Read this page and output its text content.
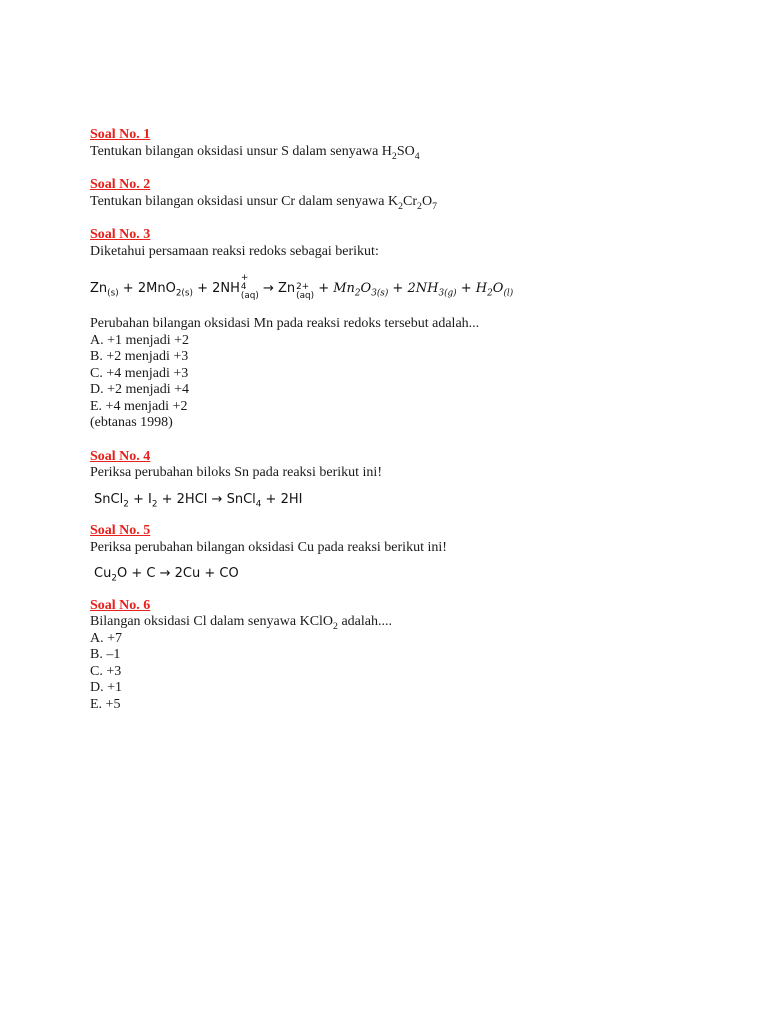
Soal No. 1
Tentukan bilangan oksidasi unsur S dalam senyawa $H_2SO_4$
Soal No. 2
Tentukan bilangan oksidasi unsur Cr dalam senyawa $K_2Cr_2O_7$
Soal No. 3
Diketahui persamaan reaksi redoks sebagai berikut:
$Zn_{(s)} + 2MnO_{2(s)} + 2NH$
+
4
(aq) → Zn 2+
$(aq) + Mn_2O_{3(s)} + 2NH_{3(g)} + H_2O_{(l)}$
Perubahan bilangan oksidasi Mn pada reaksi redoks tersebut adalah...
A. +1 menjadi +2
B. +2 menjadi +3
C. +4 menjadi +3
D. +2 menjadi +4
E. +4 menjadi +2
(ebtanas 1998)
Soal No. 4
Periksa perubahan biloks Sn pada reaksi berikut ini!
SnCl$_2$ + $I_2 + 2HCl$ → SnCl$_4$ + 2HI
Soal No. 5
Periksa perubahan bilangan oksidasi Cu pada reaksi berikut ini!
$Cu_2O + C \to 2Cu$ + CO
Soal No. 6
Bilangan oksidasi Cl dalam senyawa KClO$_2$ adalah....
A. +7
B. –1
C. +3
D. +1
E. +5
